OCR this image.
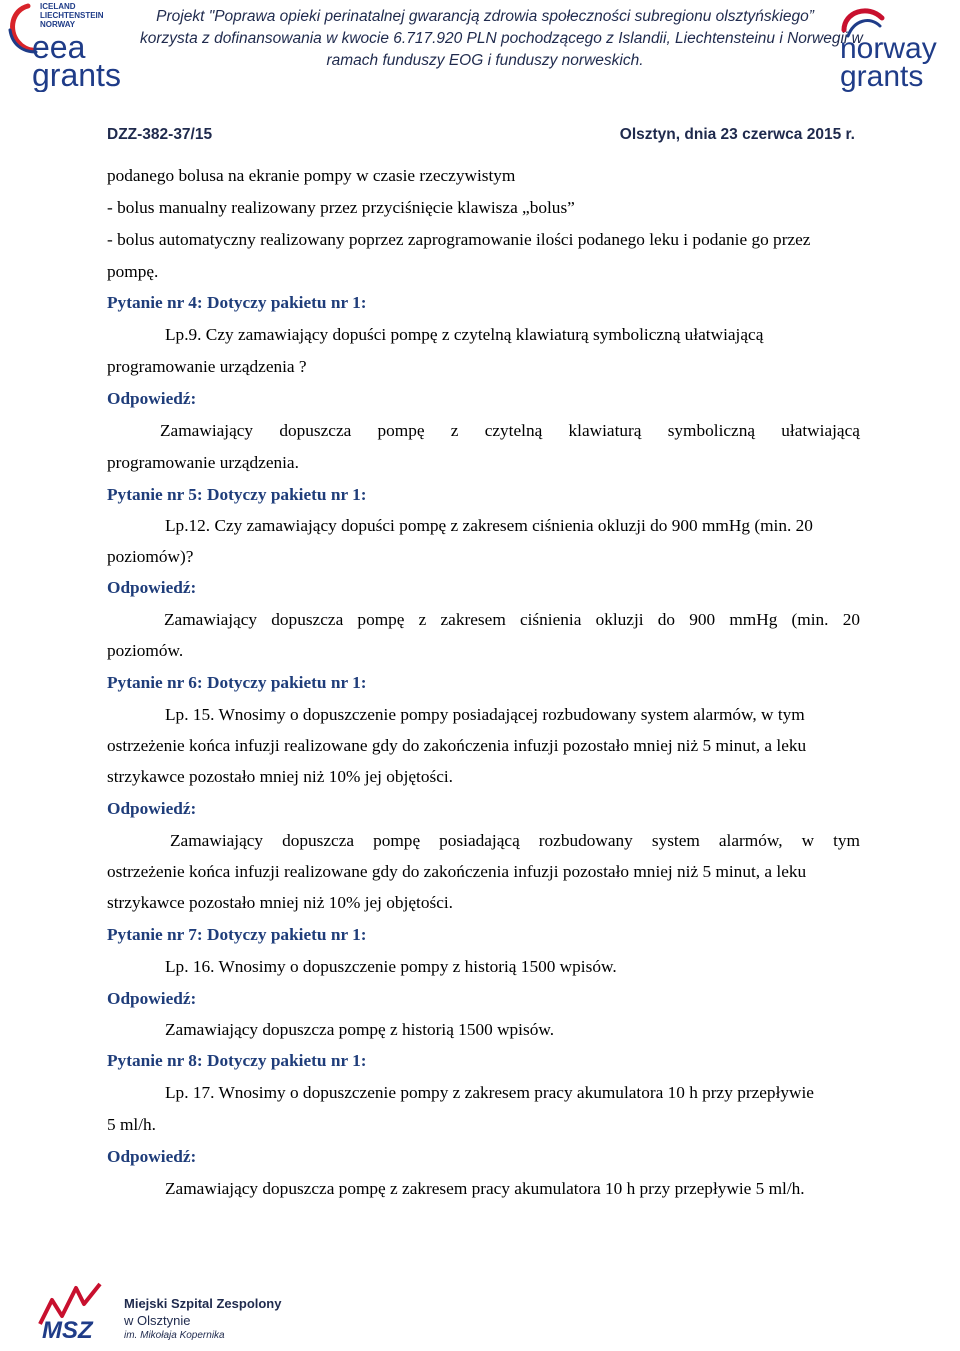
ICELAND
LIECHTENSTEIN
NORWAY
eea
grants
Projekt "Poprawa opieki perinatalnej gwarancją zdrowia społeczności subregionu olsztyńskiego”
korzysta z dofinansowania w kwocie 6.717.920 PLN pochodzącego z Islandii, Liechtensteinu i Norwegii w
ramach funduszy EOG i funduszy norweskich.	norway
grants
DZZ-382-37/15	Olsztyn, dnia 23 czerwca 2015 r.
podanego bolusa na ekranie pompy w czasie rzeczywistym
- bolus manualny realizowany przez przyciśnięcie klawisza „bolus”
- bolus automatyczny realizowany poprzez zaprogramowanie ilości podanego leku i podanie go przez
pompę.
Pytanie nr 4: Dotyczy pakietu nr 1:
Lp.9. Czy zamawiający dopuści pompę z czytelną klawiaturą symboliczną ułatwiającą
programowanie urządzenia ?
Odpowiedź:
Zamawiający dopuszcza pompę z czytelną klawiaturą symboliczną ułatwiającą
programowanie urządzenia.
Pytanie nr 5: Dotyczy pakietu nr 1:
Lp.12. Czy zamawiający dopuści pompę z zakresem ciśnienia okluzji do 900 mmHg (min. 20
poziomów)?
Odpowiedź:
Zamawiający dopuszcza pompę z zakresem ciśnienia okluzji do 900 mmHg (min. 20
poziomów.
Pytanie nr 6: Dotyczy pakietu nr 1:
Lp. 15. Wnosimy o dopuszczenie pompy posiadającej rozbudowany system alarmów, w tym
ostrzeżenie końca infuzji realizowane gdy do zakończenia infuzji pozostało mniej niż 5 minut, a leku
strzykawce pozostało mniej niż 10% jej objętości.
Odpowiedź:
Zamawiający dopuszcza pompę posiadającą rozbudowany system alarmów, w tym
ostrzeżenie końca infuzji realizowane gdy do zakończenia infuzji pozostało mniej niż 5 minut, a leku
strzykawce pozostało mniej niż 10% jej objętości.
Pytanie nr 7: Dotyczy pakietu nr 1:
Lp. 16. Wnosimy o dopuszczenie pompy z historią 1500 wpisów.
Odpowiedź:
Zamawiający dopuszcza pompę z historią 1500 wpisów.
Pytanie nr 8: Dotyczy pakietu nr 1:
Lp. 17. Wnosimy o dopuszczenie pompy z zakresem pracy akumulatora 10 h przy przepływie
5 ml/h.
Odpowiedź:
Zamawiający dopuszcza pompę z zakresem pracy akumulatora 10 h przy przepływie 5 ml/h.
MSZ
Miejski Szpital Zespolony
w Olsztynie
im. Mikołaja Kopernika
